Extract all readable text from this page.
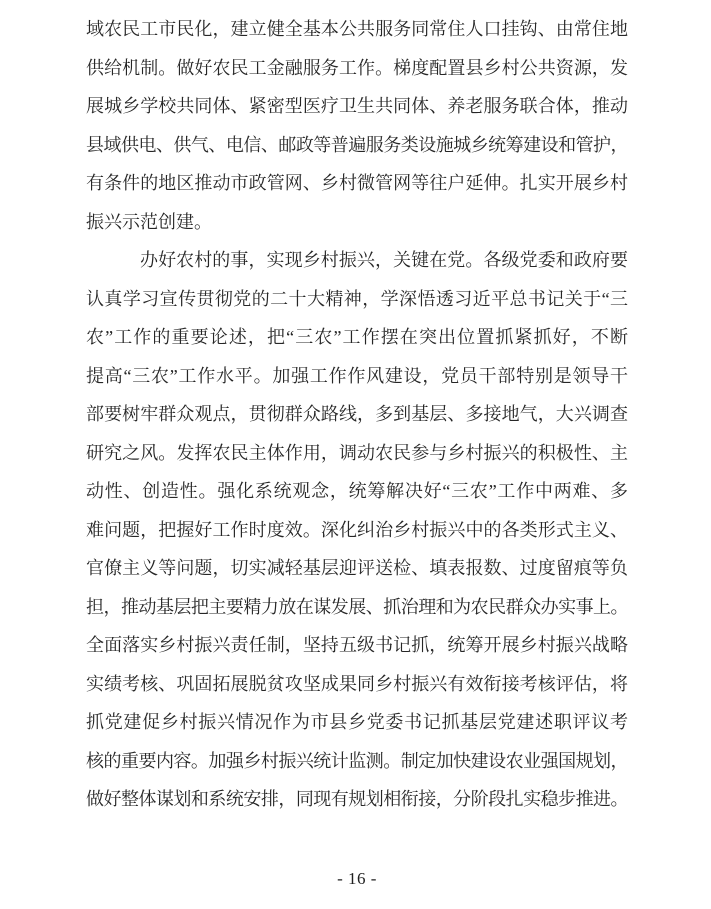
域农民工市民化，建立健全基本公共服务同常住人口挂钩、由常住地
供给机制。做好农民工金融服务工作。梯度配置县乡村公共资源，发
展城乡学校共同体、紧密型医疗卫生共同体、养老服务联合体，推动
县域供电、供气、电信、邮政等普遍服务类设施城乡统筹建设和管护，
有条件的地区推动市政管网、乡村微管网等往户延伸。扎实开展乡村
振兴示范创建。
办好农村的事，实现乡村振兴，关键在党。各级党委和政府要
认真学习宣传贯彻党的二十大精神，学深悟透习近平总书记关于“三
农”工作的重要论述，把“三农”工作摆在突出位置抓紧抓好，不断
提高“三农”工作水平。加强工作作风建设，党员干部特别是领导干
部要树牢群众观点，贯彻群众路线，多到基层、多接地气，大兴调查
研究之风。发挥农民主体作用，调动农民参与乡村振兴的积极性、主
动性、创造性。强化系统观念，统筹解决好“三农”工作中两难、多
难问题，把握好工作时度效。深化纠治乡村振兴中的各类形式主义、
官僚主义等问题，切实减轻基层迎评送检、填表报数、过度留痕等负
担，推动基层把主要精力放在谋发展、抓治理和为农民群众办实事上。
全面落实乡村振兴责任制，坚持五级书记抓，统筹开展乡村振兴战略
实绩考核、巩固拓展脱贫攻坚成果同乡村振兴有效衔接考核评估，将
抓党建促乡村振兴情况作为市县乡党委书记抓基层党建述职评议考
核的重要内容。加强乡村振兴统计监测。制定加快建设农业强国规划，
做好整体谋划和系统安排，同现有规划相衔接，分阶段扎实稳步推进。
- 16 -
